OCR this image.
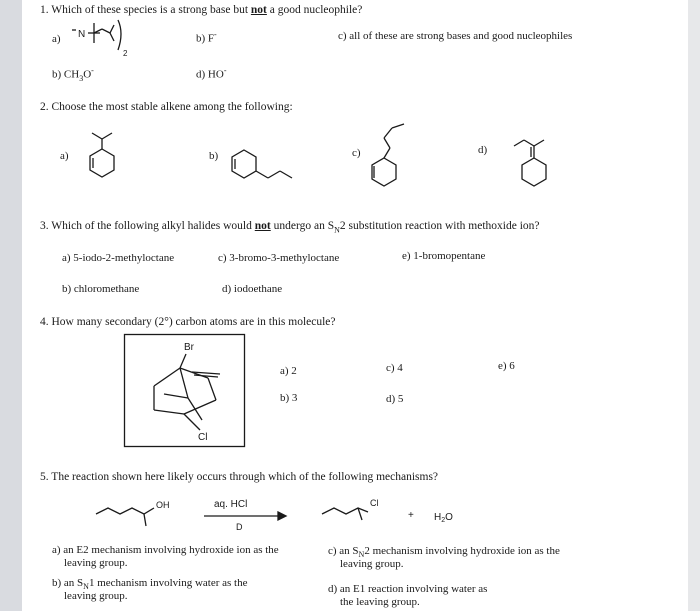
1. Which of these species is a strong base but not a good nucleophile?
a) N
2
b) F-	c) all of these are strong bases and good nucleophiles
b) $CH_3O^-$	d) HO-
2. Choose the most stable alkene among the following:
a)	b)	c)	d)
3. Which of the following alkyl halides would not undergo an $S_N2$ substitution reaction with methoxide ion?
a) 5-iodo-2-methyloctane	c) 3-bromo-3-methyloctane	e) 1-bromopentane
b) chloromethane	d) iodoethane
4. How many secondary (2°) carbon atoms are in this molecule?
Br
Cl
a) 2	c) 4	e) 6
b) 3	d) 5
5. The reaction shown here likely occurs through which of the following mechanisms?
OH	aq. HCl
D
Cl
+ $H_2O$
a) an E2 mechanism involving hydroxide ion as the
leaving group.
c) an $S_N2$ mechanism involving hydroxide ion as the
leaving group.
b) an $S_N1$ mechanism involving water as the
leaving group.
d) an E1 reaction involving water as
the leaving group.
